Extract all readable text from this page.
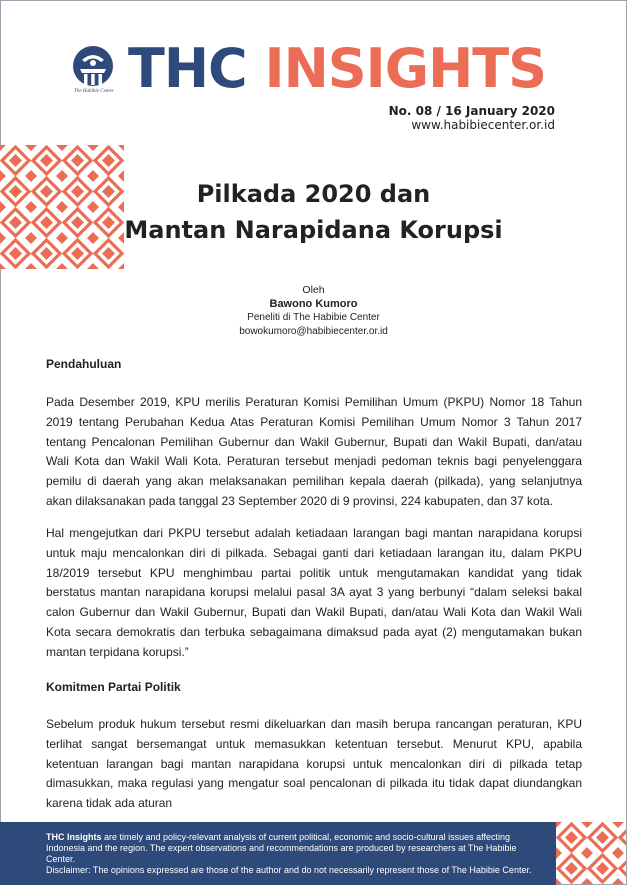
The Habibie Center THC INSIGHTS
No. 08 / 16 January 2020
www.habibiecenter.or.id
Pilkada 2020 dan
Mantan Narapidana Korupsi
Oleh
Bawono Kumoro
Peneliti di The Habibie Center
bowokumoro@habibiecenter.or.id
Pendahuluan
Pada Desember 2019, KPU merilis Peraturan Komisi Pemilihan Umum (PKPU) Nomor 18 Tahun 2019 tentang Perubahan Kedua Atas Peraturan Komisi Pemilihan Umum Nomor 3 Tahun 2017 tentang Pencalonan Pemilihan Gubernur dan Wakil Gubernur, Bupati dan Wakil Bupati, dan/atau Wali Kota dan Wakil Wali Kota. Peraturan tersebut menjadi pedoman teknis bagi penyelenggara pemilu di daerah yang akan melaksanakan pemilihan kepala daerah (pilkada), yang selanjutnya akan dilaksanakan pada tanggal 23 September 2020 di 9 provinsi, 224 kabupaten, dan 37 kota.
Hal mengejutkan dari PKPU tersebut adalah ketiadaan larangan bagi mantan narapidana korupsi untuk maju mencalonkan diri di pilkada. Sebagai ganti dari ketiadaan larangan itu, dalam PKPU 18/2019 tersebut KPU menghimbau partai politik untuk mengutamakan kandidat yang tidak berstatus mantan narapidana korupsi melalui pasal 3A ayat 3 yang berbunyi “dalam seleksi bakal calon Gubernur dan Wakil Gubernur, Bupati dan Wakil Bupati, dan/atau Wali Kota dan Wakil Wali Kota secara demokratis dan terbuka sebagaimana dimaksud pada ayat (2) mengutamakan bukan mantan terpidana korupsi.”
Komitmen Partai Politik
Sebelum produk hukum tersebut resmi dikeluarkan dan masih berupa rancangan peraturan, KPU terlihat sangat bersemangat untuk memasukkan ketentuan tersebut. Menurut KPU, apabila ketentuan larangan bagi mantan narapidana korupsi untuk mencalonkan diri di pilkada tetap dimasukkan, maka regulasi yang mengatur soal pencalonan di pilkada itu tidak dapat diundangkan karena tidak ada aturan
THC Insights are timely and policy-relevant analysis of current political, economic and socio-cultural issues affecting Indonesia and the region. The expert observations and recommendations are produced by researchers at The Habibie Center.
Disclaimer: The opinions expressed are those of the author and do not necessarily represent those of The Habibie Center.
